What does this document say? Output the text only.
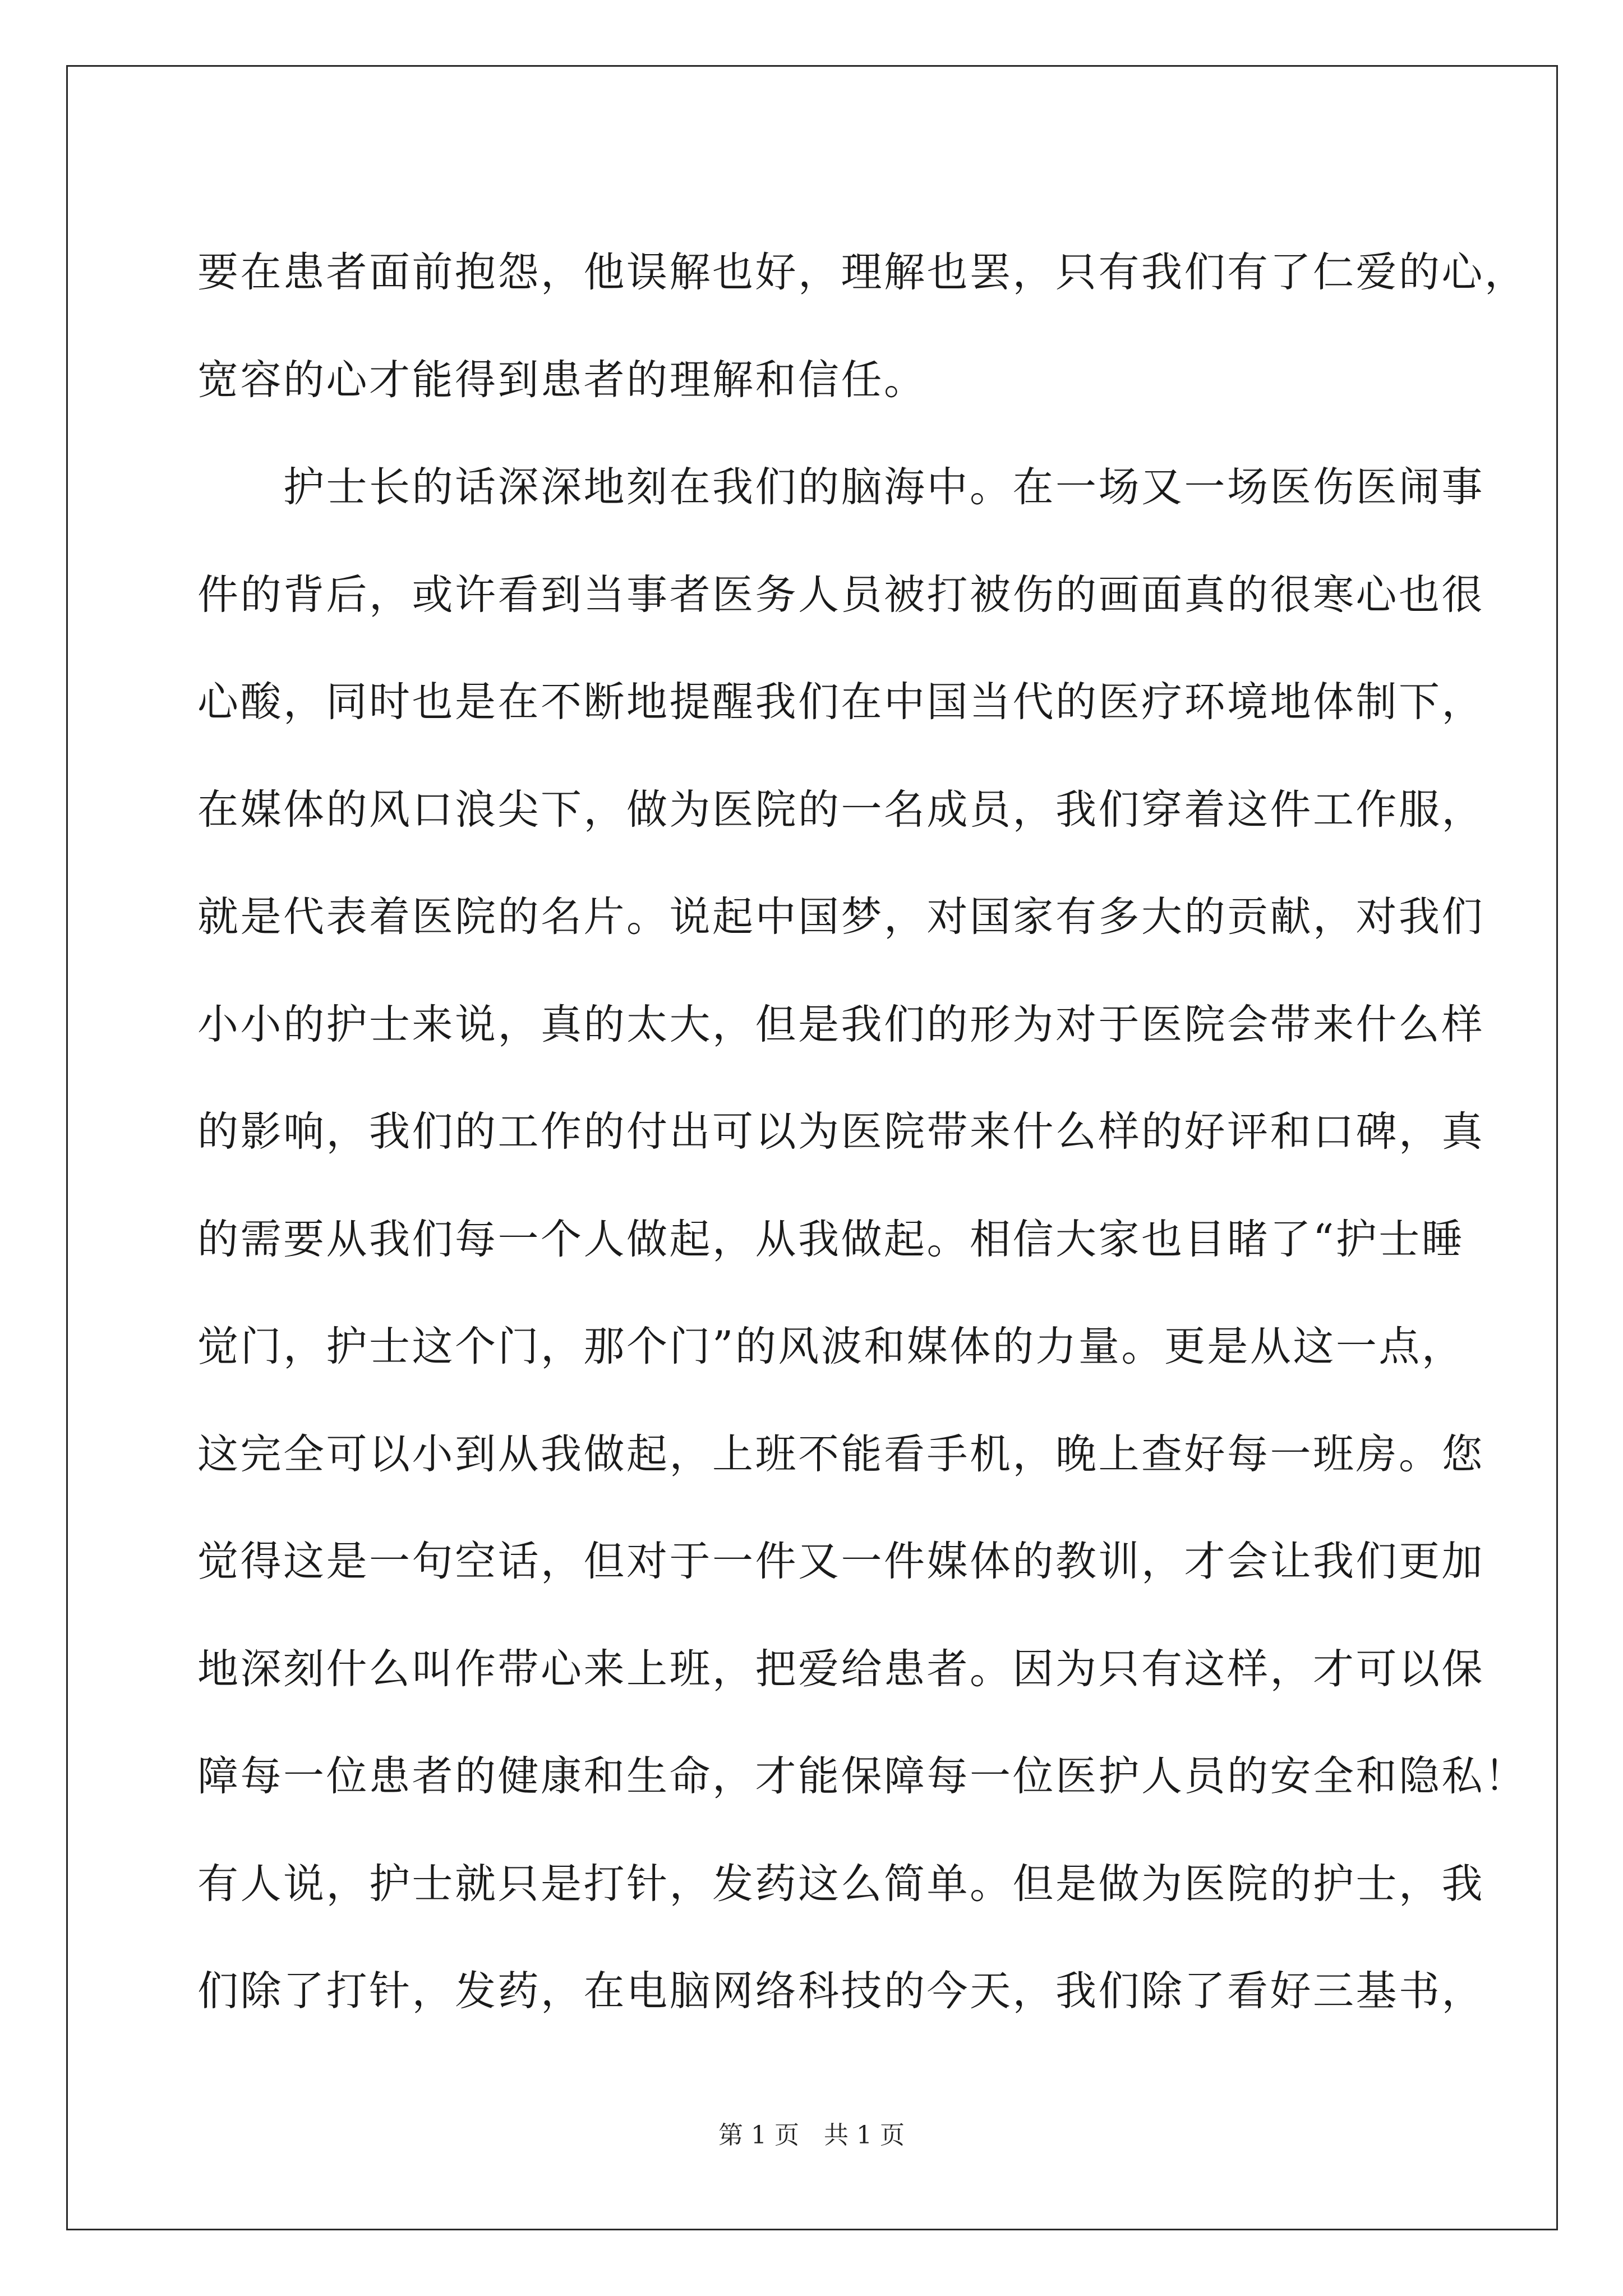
要在患者面前抱怨，他误解也好，理解也罢，只有我们有了仁爱的心，
宽容的心才能得到患者的理解和信任。
　　护士长的话深深地刻在我们的脑海中。在一场又一场医伤医闹事
件的背后，或许看到当事者医务人员被打被伤的画面真的很寒心也很
心酸，同时也是在不断地提醒我们在中国当代的医疗环境地体制下，
在媒体的风口浪尖下，做为医院的一名成员，我们穿着这件工作服，
就是代表着医院的名片。说起中国梦，对国家有多大的贡献，对我们
小小的护士来说，真的太大，但是我们的形为对于医院会带来什么样
的影响，我们的工作的付出可以为医院带来什么样的好评和口碑，真
的需要从我们每一个人做起，从我做起。相信大家也目睹了“护士睡
觉门，护士这个门，那个门”的风波和媒体的力量。更是从这一点，
这完全可以小到从我做起，上班不能看手机，晚上查好每一班房。您
觉得这是一句空话，但对于一件又一件媒体的教训，才会让我们更加
地深刻什么叫作带心来上班，把爱给患者。因为只有这样，才可以保
障每一位患者的健康和生命，才能保障每一位医护人员的安全和隐私！
有人说，护士就只是打针，发药这么简单。但是做为医院的护士，我
们除了打针，发药，在电脑网络科技的今天，我们除了看好三基书，
第 1 页 共 1 页
